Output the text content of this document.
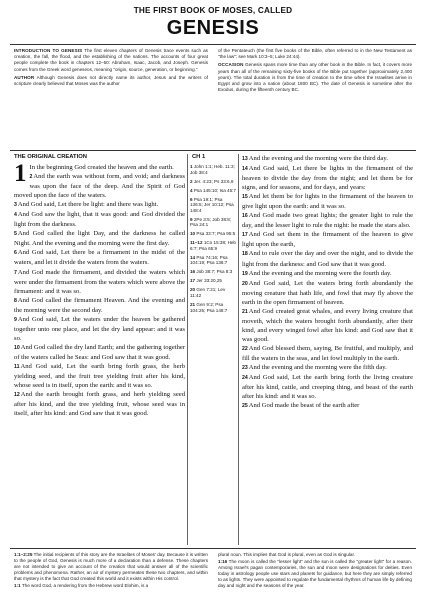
THE FIRST BOOK OF MOSES, CALLED
GENESIS

INTRODUCTION TO GENESIS The first eleven chapters of Genesis trace events such as creation, the fall, the flood, and the establishing of the nations. The accounts of four great people complete the book in chapters 12–50: Abraham, Isaac, Jacob, and Joseph. Genesis comes from the Greek word geneseos, meaning "origin, source, generation, or beginning."

AUTHOR Although Genesis does not directly name its author, Jesus and the writers of scripture clearly believed that Moses was the author

of the Pentateuch (the first five books of the Bible, often referred to in the New Testament as "the law"; see Mark 10:3–5; Luke 24:44).

OCCASION Genesis spans more time than any other book in the Bible. In fact, it covers more years than all of the remaining sixty-five books of the Bible put together (approximately 2,400 years). The total duration is from the time of creation to the time when the Israelites arrive in Egypt and grow into a nation (about 1800 BC). The date of Genesis is sometime after the Exodus, during the fifteenth century BC.

THE ORIGINAL CREATION	CH 1
1 In the beginning God created the heaven and the earth.

2And the earth was without form, and void; and darkness was upon the face of the deep. And the Spirit of God moved upon the face of the waters.

3And God said, Let there be light: and there was light.

4And God saw the light, that it was good: and God divided the light from the darkness.

5And God called the light Day, and the darkness he called Night. And the evening and the morning were the first day.

6And God said, Let there be a firmament in the midst of the waters, and let it divide the waters from the waters.

7And God made the firmament, and divided the waters which were under the firmament from the waters which were above the firmament: and it was so.

8And God called the firmament Heaven. And the evening and the morning were the second day.

9And God said, Let the waters under the heaven be gathered together unto one place, and let the dry land appear: and it was so.

10And God called the dry land Earth; and the gathering together of the waters called he Seas: and God saw that it was good.

11And God said, Let the earth bring forth grass, the herb yielding seed, and the fruit tree yielding fruit after his kind, whose seed is in itself, upon the earth: and it was so.

12And the earth brought forth grass, and herb yielding seed after his kind, and the tree yielding fruit, whose seed was in itself, after his kind: and God saw that it was good.

1 John 1:1; Heb. 11:3; Job 38:4
2 Jer. 4:23; Ps 33:6,9
4 Psa 145:10; Isa 45:7
6 Psa 19:1; Psa 136:5; Jer 10:12; Psa 148:4
9 2Pe 3:5; Job 38:8; Psa 24:1
10 Psa 33:7; Psa 95:5
11–12 1Co 15:38; Heb 6:7; Psa 65:9
14 Psa 74:16; Psa 104:19; Psa 136:7
16 Job 38:7; Psa 8:3
17 Jer 33:20,25
20 Gen 7:21; Lev 11:42
21 Gen 9:2; Psa 104:25; Psa 148:7

13And the evening and the morning were the third day.

14And God said, Let there be lights in the firmament of the heaven to divide the day from the night; and let them be for signs, and for seasons, and for days, and years:

15And let them be for lights in the firmament of the heaven to give light upon the earth: and it was so.

16And God made two great lights; the greater light to rule the day, and the lesser light to rule the night: he made the stars also.

17And God set them in the firmament of the heaven to give light upon the earth,

18And to rule over the day and over the night, and to divide the light from the darkness: and God saw that it was good.

19And the evening and the morning were the fourth day.

20And God said, Let the waters bring forth abundantly the moving creature that hath life, and fowl that may fly above the earth in the open firmament of heaven.

21And God created great whales, and every living creature that moveth, which the waters brought forth abundantly, after their kind, and every winged fowl after his kind: and God saw that it was good.

22And God blessed them, saying, Be fruitful, and multiply, and fill the waters in the seas, and let fowl multiply in the earth.

23And the evening and the morning were the fifth day.

24And God said, Let the earth bring forth the living creature after his kind, cattle, and creeping thing, and beast of the earth after his kind: and it was so.

25And God made the beast of the earth after

1:1–2:25 The initial recipients of this story are the Israelites of Moses' day. Because it is written to the people of God, Genesis is much more of a declaration than a defense. These chapters are not intended to give an account of the creation that would answer all of the scientific problems and phenomena. Rather, an air of mystery permeates these two chapters, and within that mystery is the fact that God created this world and it exists within His control.

1:1 The word God, a rendering from the Hebrew word Elohim, is a

plural noun. This implies that God is plural, even as God is singular.

1:16 The moon is called the "lesser light" and the sun is called the "greater light" for a reason. Among Israel's pagan contemporaries, the sun and moon were designations for deities. Even today in astrology people use stars and planets for guidance, but here they are simply referred to as lights. They were appointed to regulate the fundamental rhythms of human life by defining day and night and the seasons of the year.
